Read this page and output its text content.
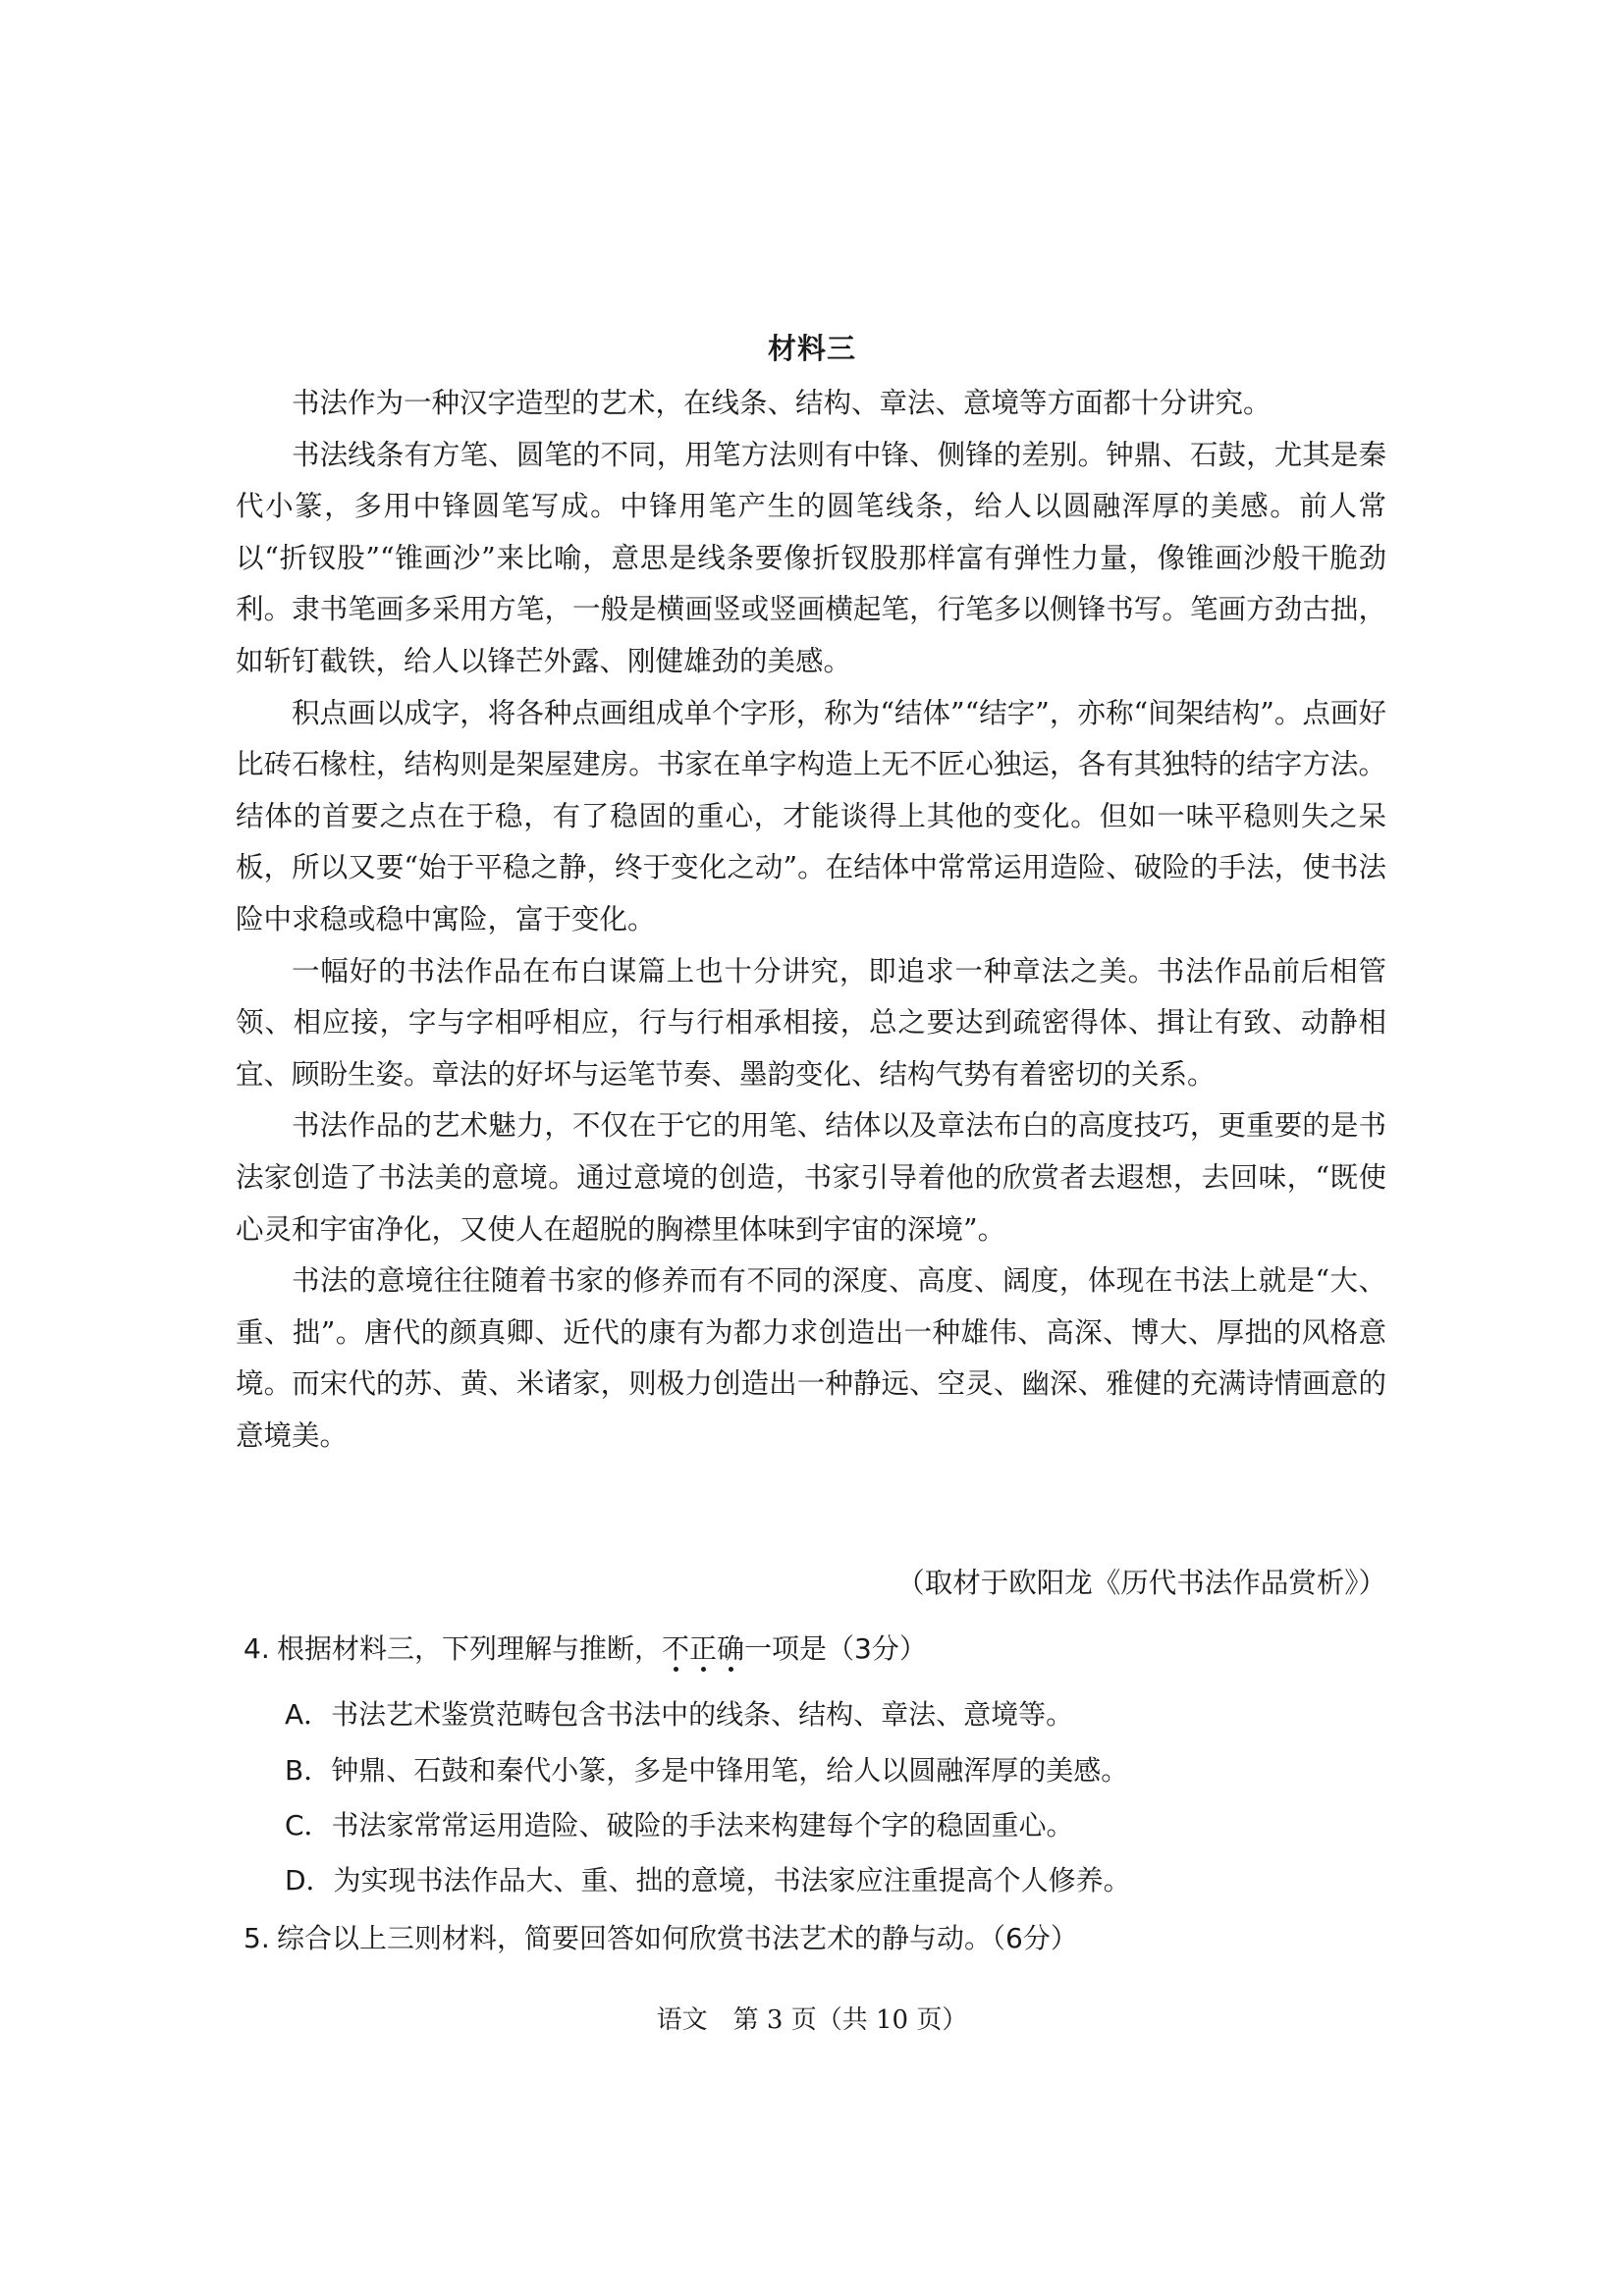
材料三

书法作为一种汉字造型的艺术，在线条、结构、章法、意境等方面都十分讲究。

书法线条有方笔、圆笔的不同，用笔方法则有中锋、侧锋的差别。钟鼎、石鼓，尤其是秦代小篆，多用中锋圆笔写成。中锋用笔产生的圆笔线条，给人以圆融浑厚的美感。前人常以“折钗股”“锥画沙”来比喻，意思是线条要像折钗股那样富有弹性力量，像锥画沙般干脆劲利。隶书笔画多采用方笔，一般是横画竖或竖画横起笔，行笔多以侧锋书写。笔画方劲古拙，如斩钉截铁，给人以锋芒外露、刚健雄劲的美感。

积点画以成字，将各种点画组成单个字形，称为“结体”“结字”，亦称“间架结构”。点画好比砖石椽柱，结构则是架屋建房。书家在单字构造上无不匠心独运，各有其独特的结字方法。结体的首要之点在于稳，有了稳固的重心，才能谈得上其他的变化。但如一味平稳则失之呆板，所以又要“始于平稳之静，终于变化之动”。在结体中常常运用造险、破险的手法，使书法险中求稳或稳中寓险，富于变化。

一幅好的书法作品在布白谋篇上也十分讲究，即追求一种章法之美。书法作品前后相管领、相应接，字与字相呼相应，行与行相承相接，总之要达到疏密得体、揖让有致、动静相宜、顾盼生姿。章法的好坏与运笔节奏、墨韵变化、结构气势有着密切的关系。

书法作品的艺术魅力，不仅在于它的用笔、结体以及章法布白的高度技巧，更重要的是书法家创造了书法美的意境。通过意境的创造，书家引导着他的欣赏者去遐想，去回味，“既使心灵和宇宙净化，又使人在超脱的胸襟里体味到宇宙的深境”。

书法的意境往往随着书家的修养而有不同的深度、高度、阔度，体现在书法上就是“大、重、拙”。唐代的颜真卿、近代的康有为都力求创造出一种雄伟、高深、博大、厚拙的风格意境。而宋代的苏、黄、米诸家，则极力创造出一种静远、空灵、幽深、雅健的充满诗情画意的意境美。

（取材于欧阳龙《历代书法作品赏析》）
4. 根据材料三，下列理解与推断，不正确
一项是（3分）
A．书法艺术鉴赏范畴包含书法中的线条、结构、章法、意境等。
B．钟鼎、石鼓和秦代小篆，多是中锋用笔，给人以圆融浑厚的美感。
C．书法家常常运用造险、破险的手法来构建每个字的稳固重心。
D．为实现书法作品大、重、拙的意境，书法家应注重提高个人修养。
5. 综合以上三则材料，简要回答如何欣赏书法艺术的静与动。（6分）
语文　第 3 页（共 10 页）
